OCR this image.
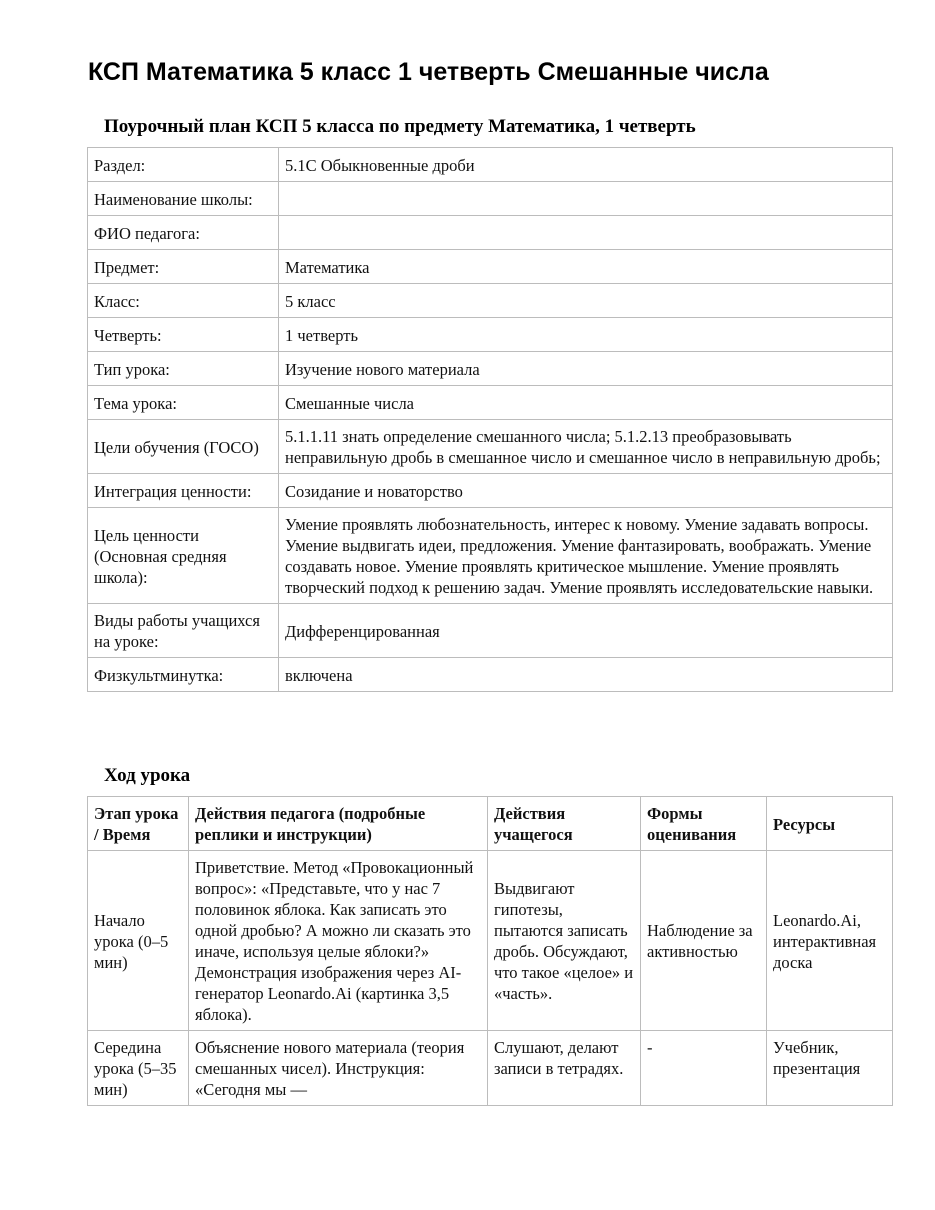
КСП Математика 5 класс 1 четверть Смешанные числа
Поурочный план КСП 5 класса по предмету Математика, 1 четверть
Раздел:	5.1С Обыкновенные дроби
Наименование школы:	
ФИО педагога:	
Предмет:	Математика
Класс:	5 класс
Четверть:	1 четверть
Тип урока:	Изучение нового материала
Тема урока:	Смешанные числа
Цели обучения (ГОСО)	5.1.1.11 знать определение смешанного числа; 5.1.2.13 преобразовывать неправильную дробь в смешанное число и смешанное число в неправильную дробь;
Интеграция ценности:	Созидание и новаторство
Цель ценности (Основная средняя школа):	Умение проявлять любознательность, интерес к новому. Умение задавать вопросы. Умение выдвигать идеи, предложения. Умение фантазировать, воображать. Умение создавать новое. Умение проявлять критическое мышление. Умение проявлять творческий подход к решению задач. Умение проявлять исследовательские навыки.
Виды работы учащихся на уроке:	Дифференцированная
Физкультминутка:	включена
Ход урока
Этап урока / Время	Действия педагога (подробные реплики и инструкции)	Действия учащегося	Формы оценивания	Ресурсы
Начало урока (0–5 мин)	Приветствие. Метод «Провокационный вопрос»: «Представьте, что у нас 7 половинок яблока. Как записать это одной дробью? А можно ли сказать это иначе, используя целые яблоки?» Демонстрация изображения через AI-генератор Leonardo.Ai (картинка 3,5 яблока).	Выдвигают гипотезы, пытаются записать дробь. Обсуждают, что такое «целое» и «часть».	Наблюдение за активностью	Leonardo.Ai, интерактивная доска
Середина урока (5–35 мин)	Объяснение нового материала (теория смешанных чисел). Инструкция: «Сегодня мы —	Слушают, делают записи в тетрадях.	-	Учебник, презентация
